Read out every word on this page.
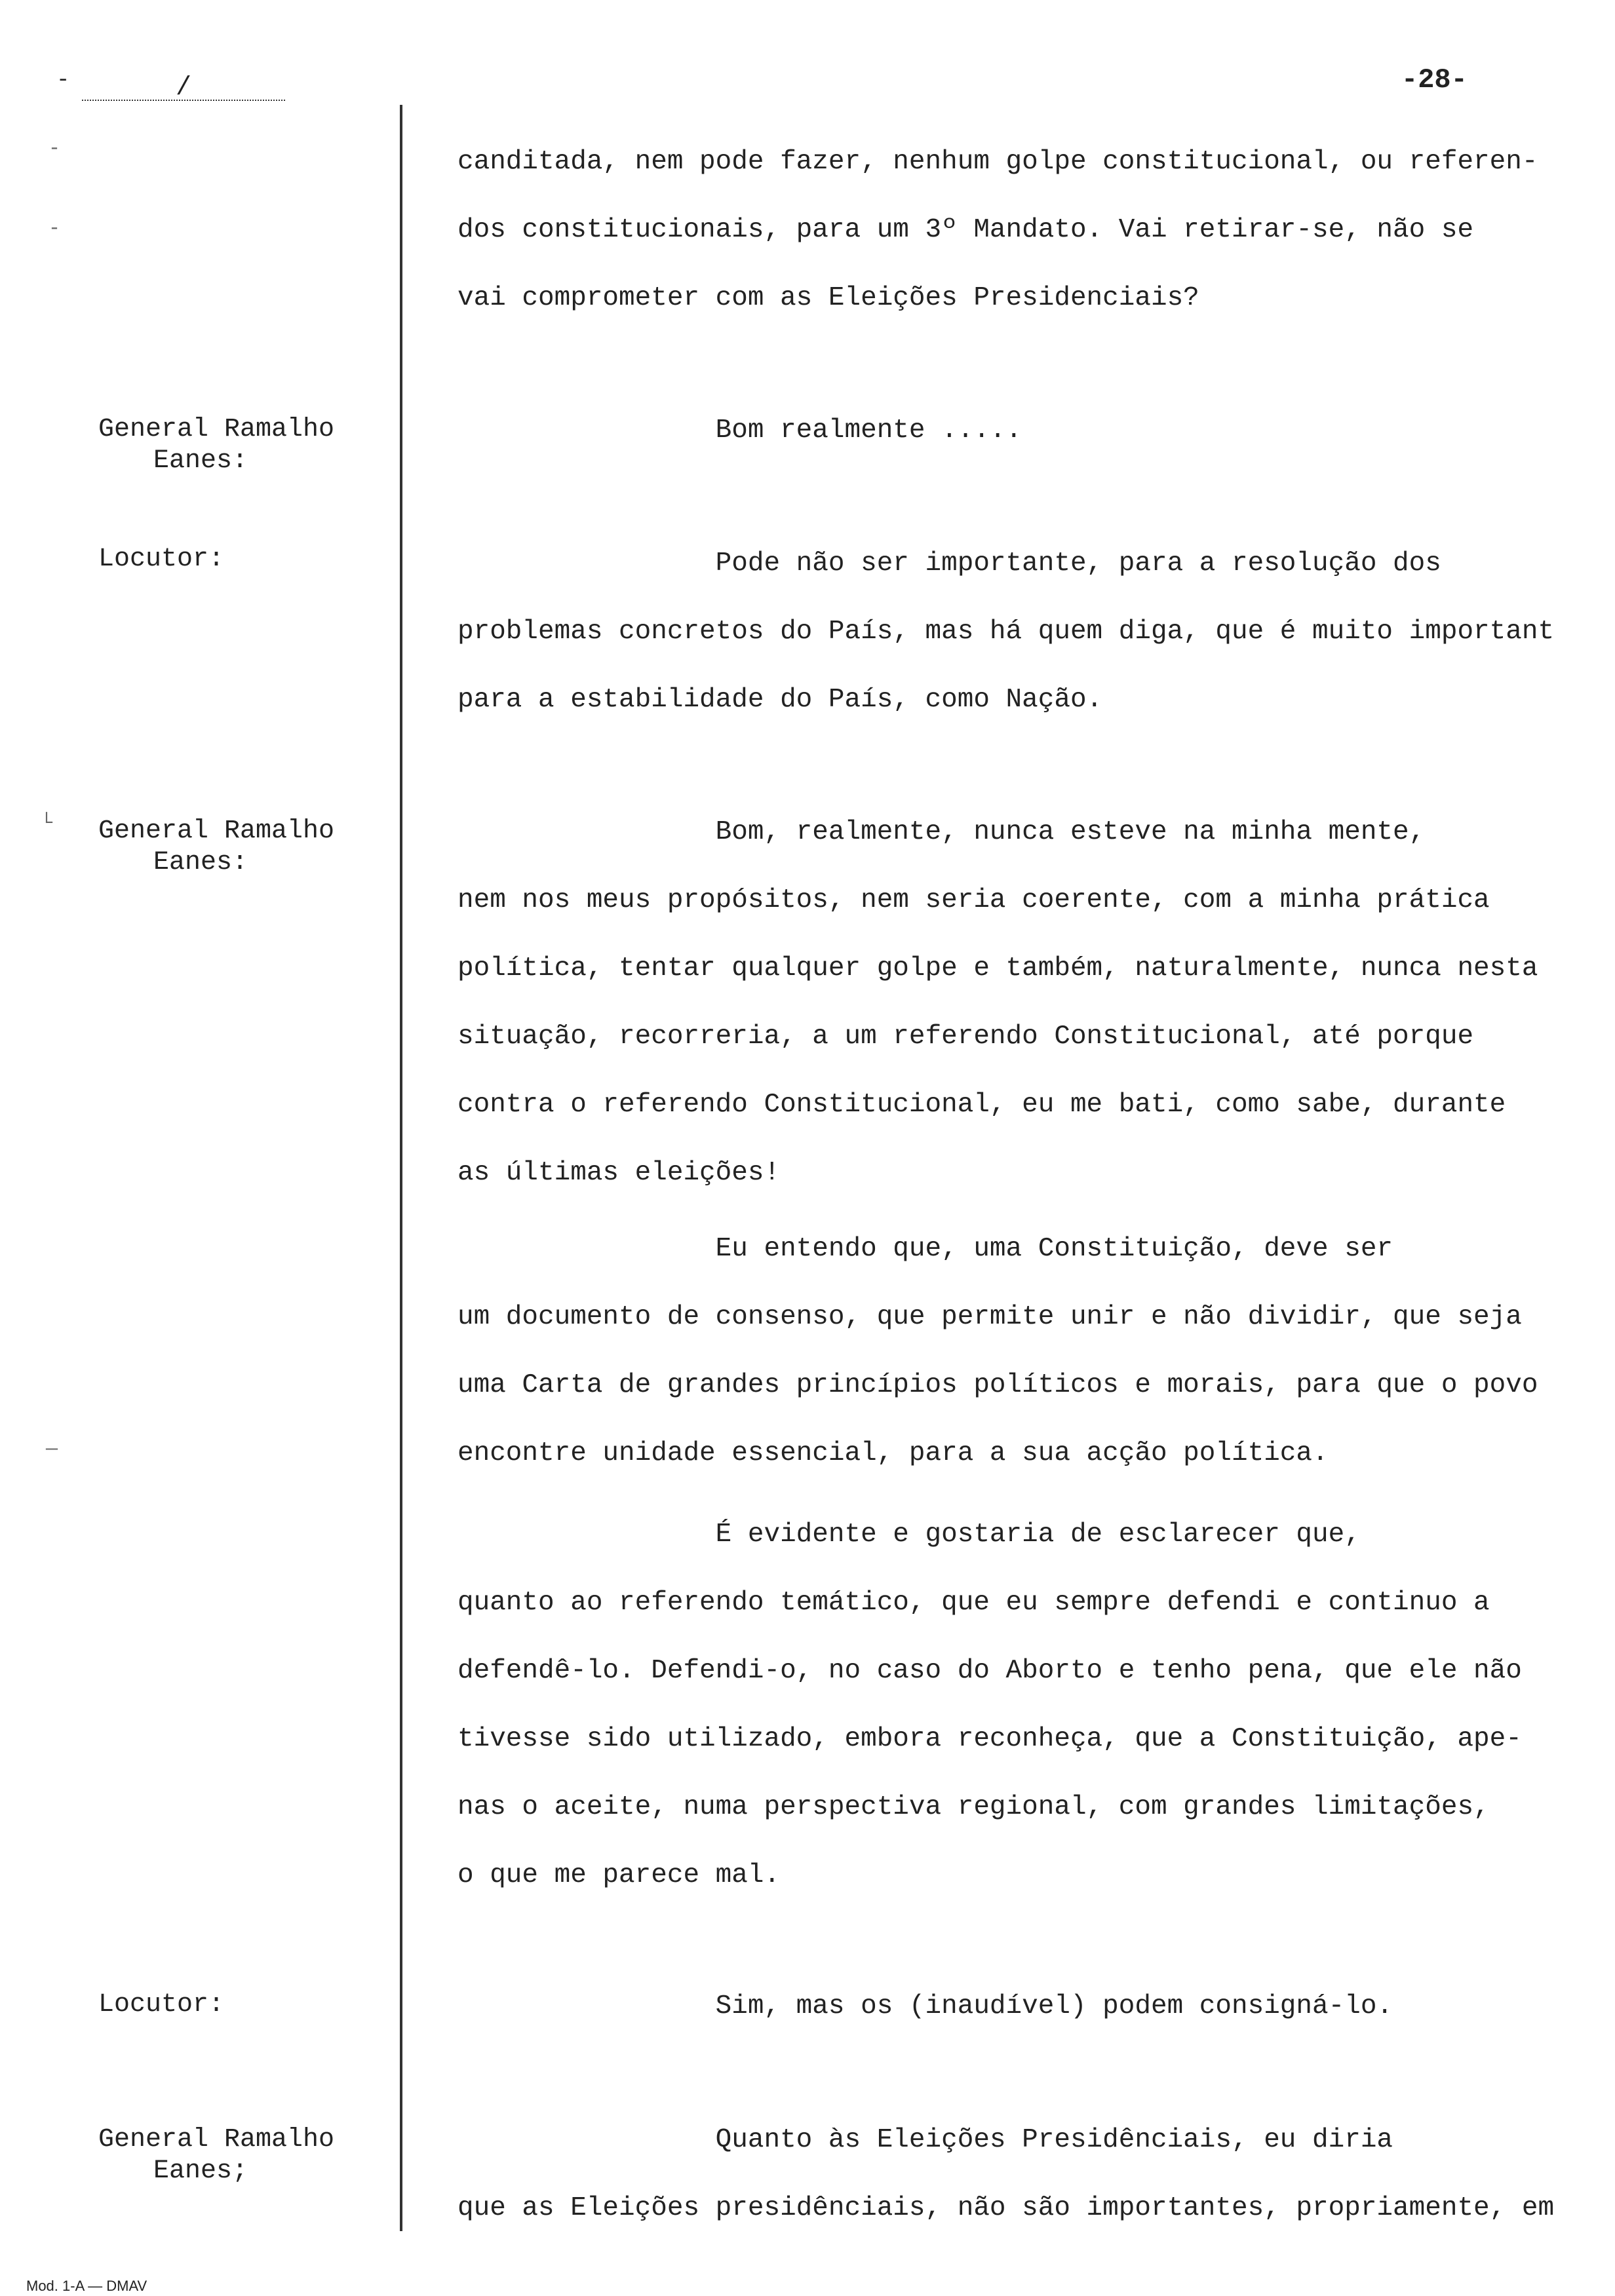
-	/	-28-
General Ramalho
Eanes:
Locutor:
General Ramalho
Eanes:
Locutor:
General Ramalho
Eanes;
canditada, nem pode fazer, nenhum golpe constitucional, ou referen-
dos constitucionais, para um 3º Mandato. Vai retirar-se, não se
vai comprometer com as Eleições Presidenciais?
Bom realmente .....
Pode não ser importante, para a resolução dos
problemas concretos do País, mas há quem diga, que é muito important
para a estabilidade do País, como Nação.
Bom, realmente, nunca esteve na minha mente,
nem nos meus propósitos, nem seria coerente, com a minha prática
política, tentar qualquer golpe e também, naturalmente, nunca nesta
situação, recorreria, a um referendo Constitucional, até porque
contra o referendo Constitucional, eu me bati, como sabe, durante
as últimas eleições!
Eu entendo que, uma Constituição, deve ser
um documento de consenso, que permite unir e não dividir, que seja
uma Carta de grandes princípios políticos e morais, para que o povo
encontre unidade essencial, para a sua acção política.
É evidente e gostaria de esclarecer que,
quanto ao referendo temático, que eu sempre defendi e continuo a
defendê-lo. Defendi-o, no caso do Aborto e tenho pena, que ele não
tivesse sido utilizado, embora reconheça, que a Constituição, ape-
nas o aceite, numa perspectiva regional, com grandes limitações,
o que me parece mal.
Sim, mas os (inaudível) podem consigná-lo.
Quanto às Eleições Presidênciais, eu diria
que as Eleições presidênciais, não são importantes, propriamente, em
-
-
└
—
Mod. 1-A — DMAV
